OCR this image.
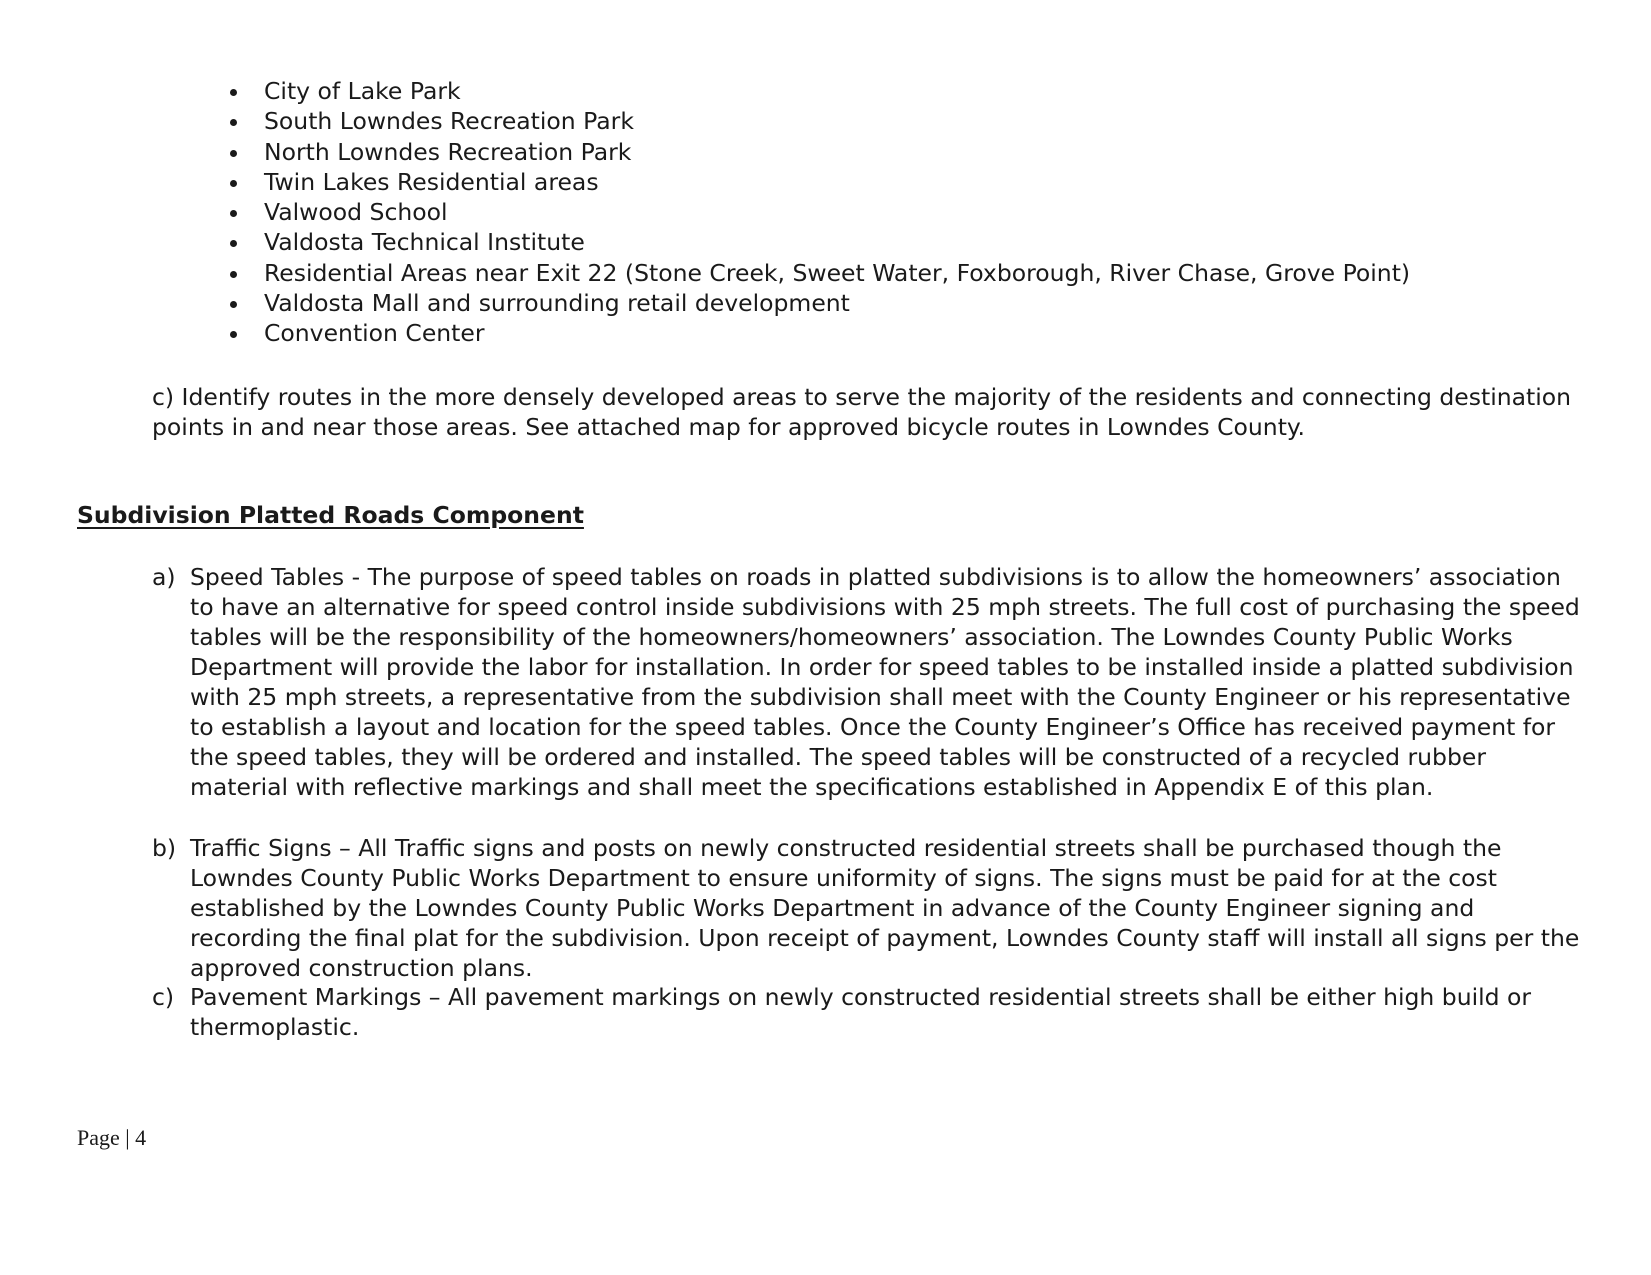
City of Lake Park
South Lowndes Recreation Park
North Lowndes Recreation Park
Twin Lakes Residential areas
Valwood School
Valdosta Technical Institute
Residential Areas near Exit 22 (Stone Creek, Sweet Water, Foxborough, River Chase, Grove Point)
Valdosta Mall and surrounding retail development
Convention Center

c) Identify routes in the more densely developed areas to serve the majority of the residents and connecting destination points in and near those areas. See attached map for approved bicycle routes in Lowndes County.

Subdivision Platted Roads Component
a) Speed Tables - The purpose of speed tables on roads in platted subdivisions is to allow the homeowners’ association to have an alternative for speed control inside subdivisions with 25 mph streets. The full cost of purchasing the speed tables will be the responsibility of the homeowners/homeowners’ association. The Lowndes County Public Works Department will provide the labor for installation. In order for speed tables to be installed inside a platted subdivision with 25 mph streets, a representative from the subdivision shall meet with the County Engineer or his representative to establish a layout and location for the speed tables. Once the County Engineer’s Office has received payment for the speed tables, they will be ordered and installed. The speed tables will be constructed of a recycled rubber material with reflective markings and shall meet the specifications established in Appendix E of this plan.

b) Traffic Signs – All Traffic signs and posts on newly constructed residential streets shall be purchased though the Lowndes County Public Works Department to ensure uniformity of signs. The signs must be paid for at the cost established by the Lowndes County Public Works Department in advance of the County Engineer signing and recording the final plat for the subdivision. Upon receipt of payment, Lowndes County staff will install all signs per the approved construction plans.

c) Pavement Markings – All pavement markings on newly constructed residential streets shall be either high build or thermoplastic.

Page | 4
